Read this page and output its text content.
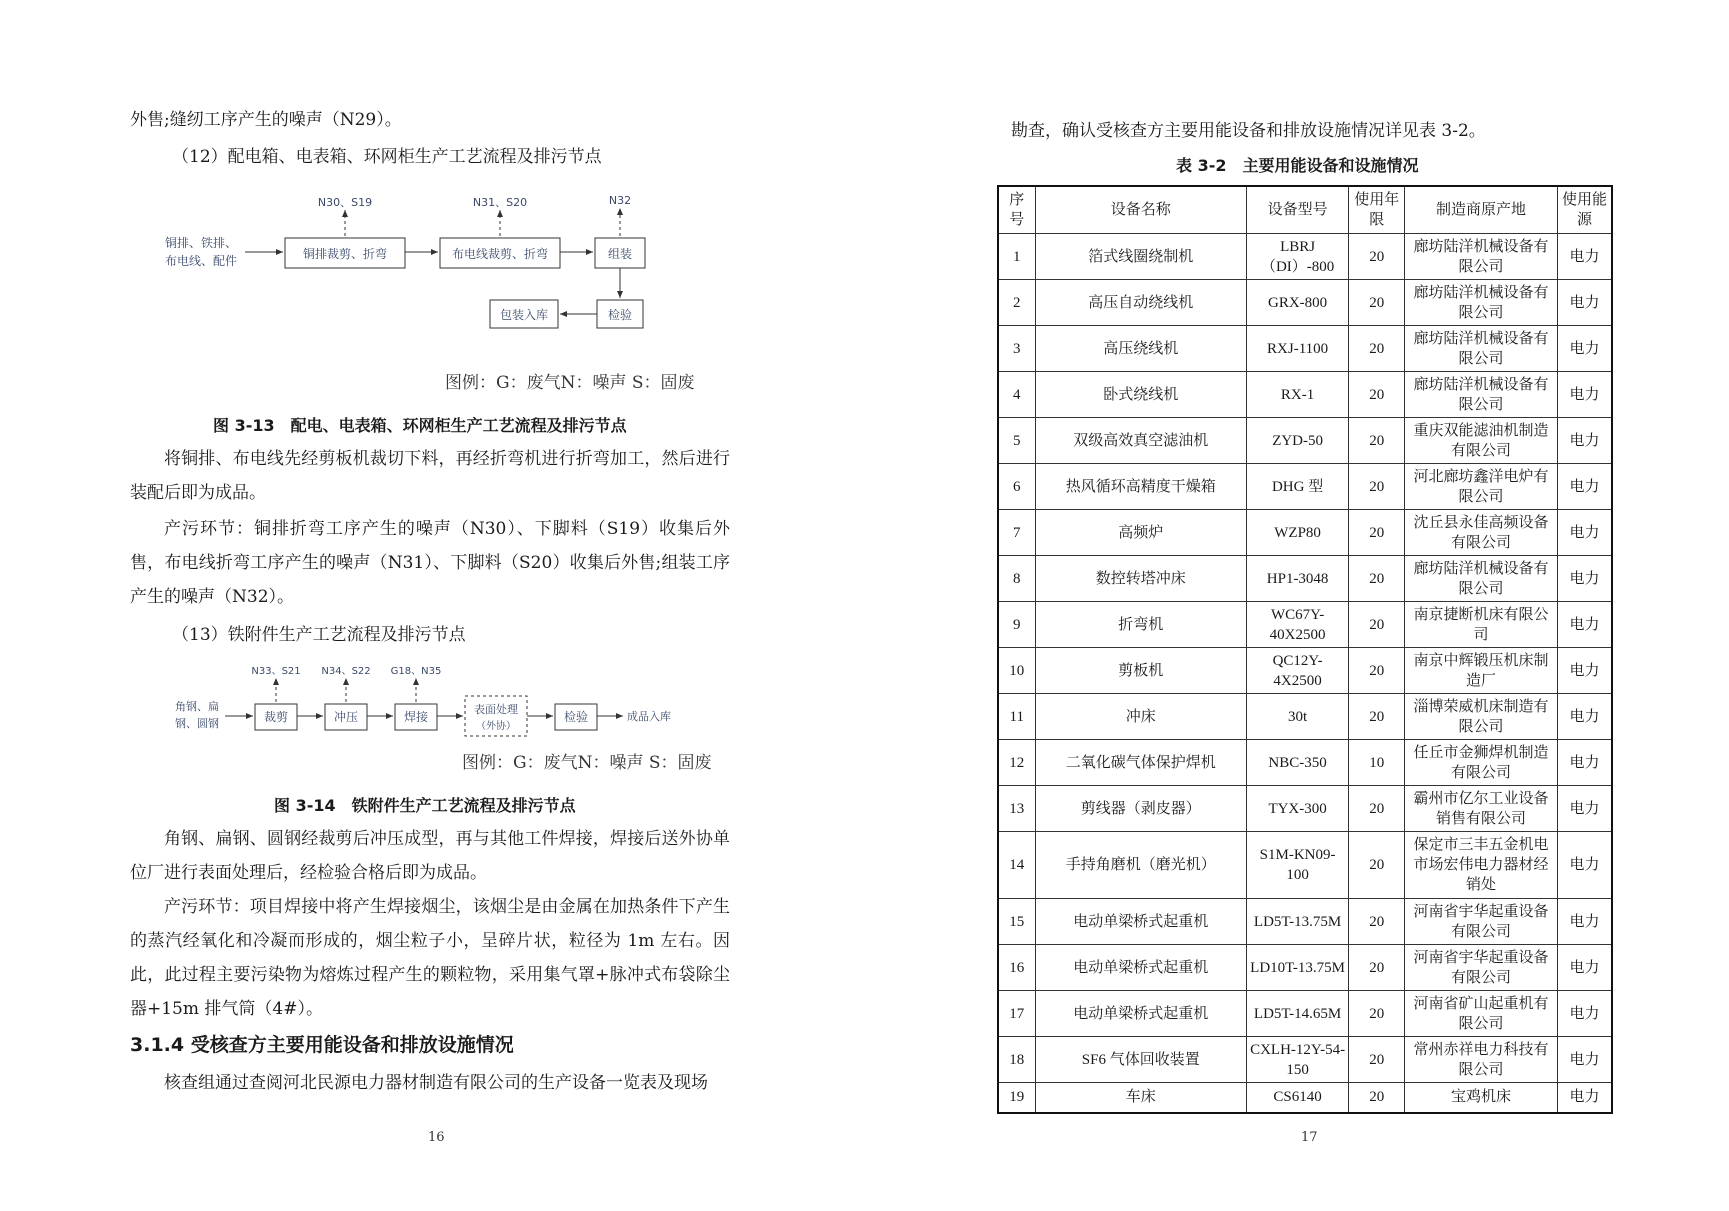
外售;缝纫工序产生的噪声（N29）。

（12）配电箱、电表箱、环网柜生产工艺流程及排污节点

铜排、铁排、
布电线、配件	铜排裁剪、折弯
N30、S19
布电线裁剪、折弯
N31、S20
组装
N32
检验
包装入库
图例：G：废气N：噪声 S：固废
图 3-13　配电、电表箱、环网柜生产工艺流程及排污节点

将铜排、布电线先经剪板机裁切下料，再经折弯机进行折弯加工，然后进行装配后即为成品。

产污环节：铜排折弯工序产生的噪声（N30）、下脚料（S19）收集后外售，布电线折弯工序产生的噪声（N31）、下脚料（S20）收集后外售;组装工序产生的噪声（N32）。

（13）铁附件生产工艺流程及排污节点

角钢、扁
钢、圆钢	裁剪
N33、S21
冲压
N34、S22
焊接
G18、N35
表面处理
（外协）
检验	成品入库
图例：G：废气N：噪声 S：固废
图 3-14　铁附件生产工艺流程及排污节点

角钢、扁钢、圆钢经裁剪后冲压成型，再与其他工件焊接，焊接后送外协单位厂进行表面处理后，经检验合格后即为成品。

产污环节：项目焊接中将产生焊接烟尘，该烟尘是由金属在加热条件下产生的蒸汽经氧化和冷凝而形成的，烟尘粒子小，呈碎片状，粒径为 1m 左右。因此，此过程主要污染物为熔炼过程产生的颗粒物，采用集气罩+脉冲式布袋除尘器+15m 排气筒（4#）。

3.1.4 受核查方主要用能设备和排放设施情况

核查组通过查阅河北民源电力器材制造有限公司的生产设备一览表及现场

16

勘查，确认受核查方主要用能设备和排放设施情况详见表 3-2。

表 3-2　主要用能设备和设施情况
序号	设备名称	设备型号	使用年限	制造商原产地	使用能源
1	箔式线圈绕制机	LBRJ（DI）-800	20	廊坊陆洋机械设备有限公司	电力
2	高压自动绕线机	GRX-800	20	廊坊陆洋机械设备有限公司	电力
3	高压绕线机	RXJ-1100	20	廊坊陆洋机械设备有限公司	电力
4	卧式绕线机	RX-1	20	廊坊陆洋机械设备有限公司	电力
5	双级高效真空滤油机	ZYD-50	20	重庆双能滤油机制造有限公司	电力
6	热风循环高精度干燥箱	DHG 型	20	河北廊坊鑫洋电炉有限公司	电力
7	高频炉	WZP80	20	沈丘县永佳高频设备有限公司	电力
8	数控转塔冲床	HP1-3048	20	廊坊陆洋机械设备有限公司	电力
9	折弯机	WC67Y-40X2500	20	南京捷断机床有限公司	电力
10	剪板机	QC12Y-4X2500	20	南京中辉锻压机床制造厂	电力
11	冲床	30t	20	淄博荣威机床制造有限公司	电力
12	二氧化碳气体保护焊机	NBC-350	10	任丘市金狮焊机制造有限公司	电力
13	剪线器（剥皮器）	TYX-300	20	霸州市亿尔工业设备销售有限公司	电力
14	手持角磨机（磨光机）	S1M-KN09-100	20	保定市三丰五金机电市场宏伟电力器材经销处	电力
15	电动单梁桥式起重机	LD5T-13.75M	20	河南省宇华起重设备有限公司	电力
16	电动单梁桥式起重机	LD10T-13.75M	20	河南省宇华起重设备有限公司	电力
17	电动单梁桥式起重机	LD5T-14.65M	20	河南省矿山起重机有限公司	电力
18	SF6 气体回收装置	CXLH-12Y-54-150	20	常州赤祥电力科技有限公司	电力
19	车床	CS6140	20	宝鸡机床	电力
17
